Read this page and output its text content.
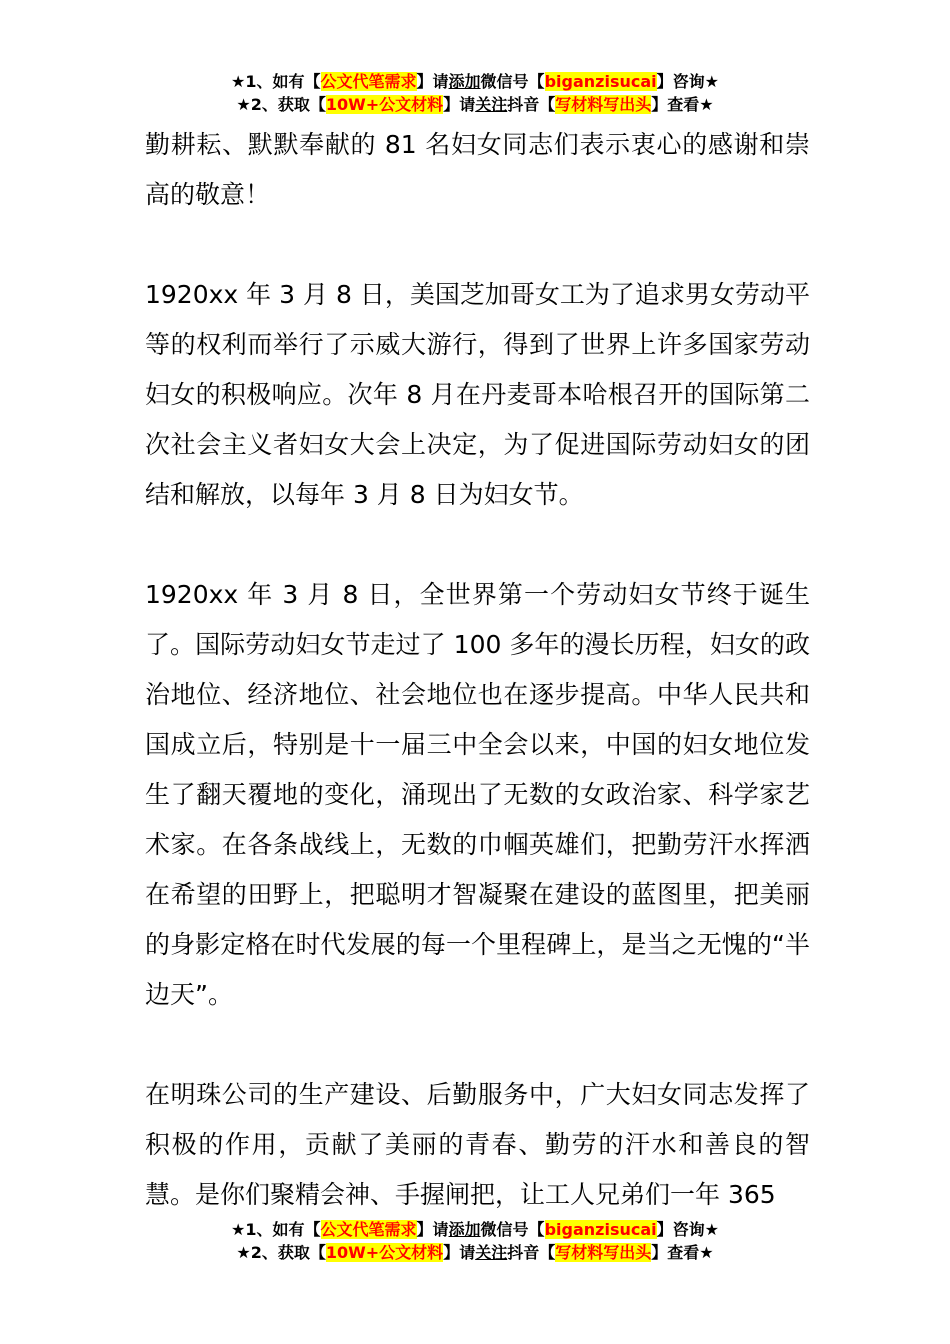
★1、如有【公文代笔需求】请添加微信号【biganzisucai】咨询★
★2、获取【10W+公文材料】请关注抖音【写材料写出头】查看★

勤耕耘、默默奉献的 81 名妇女同志们表示衷心的感谢和崇高的敬意！

1920xx 年 3 月 8 日，美国芝加哥女工为了追求男女劳动平等的权利而举行了示威大游行，得到了世界上许多国家劳动妇女的积极响应。次年 8 月在丹麦哥本哈根召开的国际第二次社会主义者妇女大会上决定，为了促进国际劳动妇女的团结和解放，以每年 3 月 8 日为妇女节。

1920xx 年 3 月 8 日，全世界第一个劳动妇女节终于诞生了。国际劳动妇女节走过了 100 多年的漫长历程，妇女的政治地位、经济地位、社会地位也在逐步提高。中华人民共和国成立后，特别是十一届三中全会以来，中国的妇女地位发生了翻天覆地的变化，涌现出了无数的女政治家、科学家艺术家。在各条战线上，无数的巾帼英雄们，把勤劳汗水挥洒在希望的田野上，把聪明才智凝聚在建设的蓝图里，把美丽的身影定格在时代发展的每一个里程碑上，是当之无愧的“半边天”。

在明珠公司的生产建设、后勤服务中，广大妇女同志发挥了积极的作用，贡献了美丽的青春、勤劳的汗水和善良的智慧。是你们聚精会神、手握闸把，让工人兄弟们一年 365

★1、如有【公文代笔需求】请添加微信号【biganzisucai】咨询★
★2、获取【10W+公文材料】请关注抖音【写材料写出头】查看★
